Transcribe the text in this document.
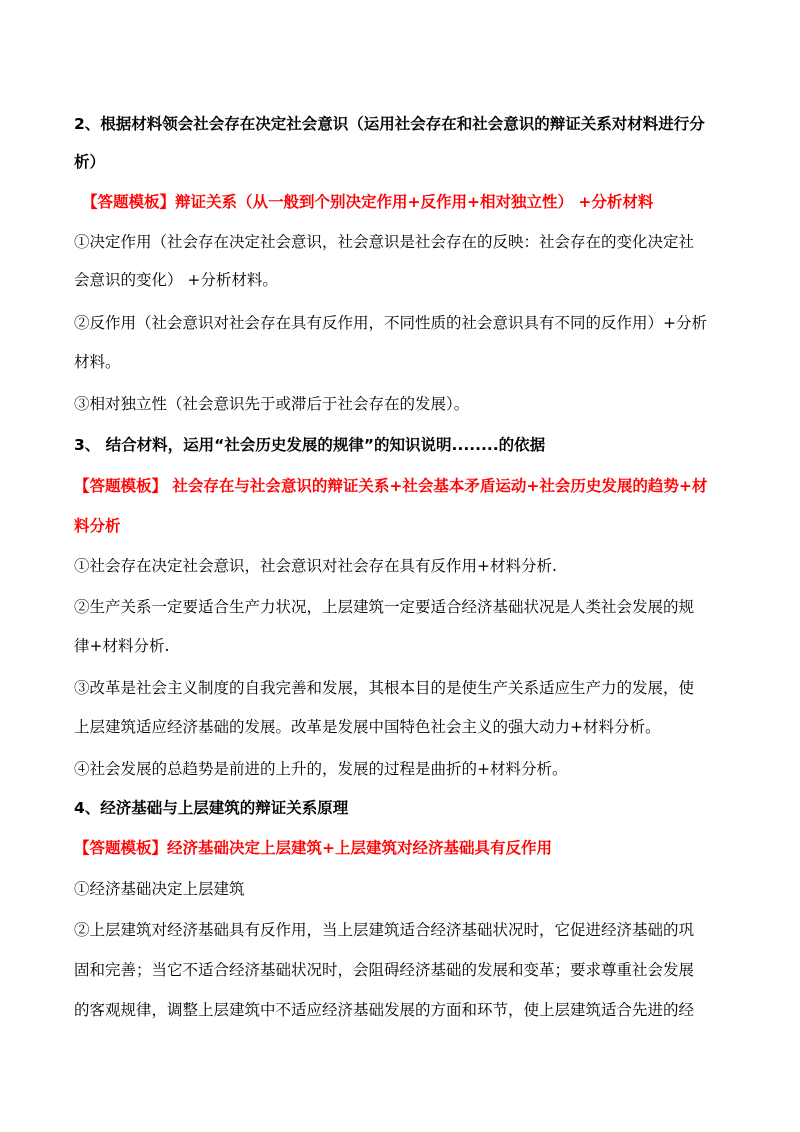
2、根据材料领会社会存在决定社会意识（运用社会存在和社会意识的辩证关系对材料进行分
析）
【答题模板】辩证关系（从一般到个别决定作用+反作用+相对独立性） +分析材料
①决定作用（社会存在决定社会意识，社会意识是社会存在的反映：社会存在的变化决定社
会意识的变化） +分析材料。
②反作用（社会意识对社会存在具有反作用，不同性质的社会意识具有不同的反作用）+分析
材料。
③相对独立性（社会意识先于或滞后于社会存在的发展）。
3、 结合材料，运用“社会历史发展的规律”的知识说明........的依据
【答题模板】 社会存在与社会意识的辩证关系+社会基本矛盾运动+社会历史发展的趋势+材
料分析
①社会存在决定社会意识，社会意识对社会存在具有反作用+材料分析.
②生产关系一定要适合生产力状况，上层建筑一定要适合经济基础状况是人类社会发展的规
律+材料分析.
③改革是社会主义制度的自我完善和发展，其根本目的是使生产关系适应生产力的发展，使
上层建筑适应经济基础的发展。改革是发展中国特色社会主义的强大动力+材料分析。
④社会发展的总趋势是前进的上升的，发展的过程是曲折的+材料分析。
4、经济基础与上层建筑的辩证关系原理
【答题模板】经济基础决定上层建筑+上层建筑对经济基础具有反作用
①经济基础决定上层建筑
②上层建筑对经济基础具有反作用，当上层建筑适合经济基础状况时，它促进经济基础的巩
固和完善；当它不适合经济基础状况时，会阻碍经济基础的发展和变革；要求尊重社会发展
的客观规律，调整上层建筑中不适应经济基础发展的方面和环节，使上层建筑适合先进的经
